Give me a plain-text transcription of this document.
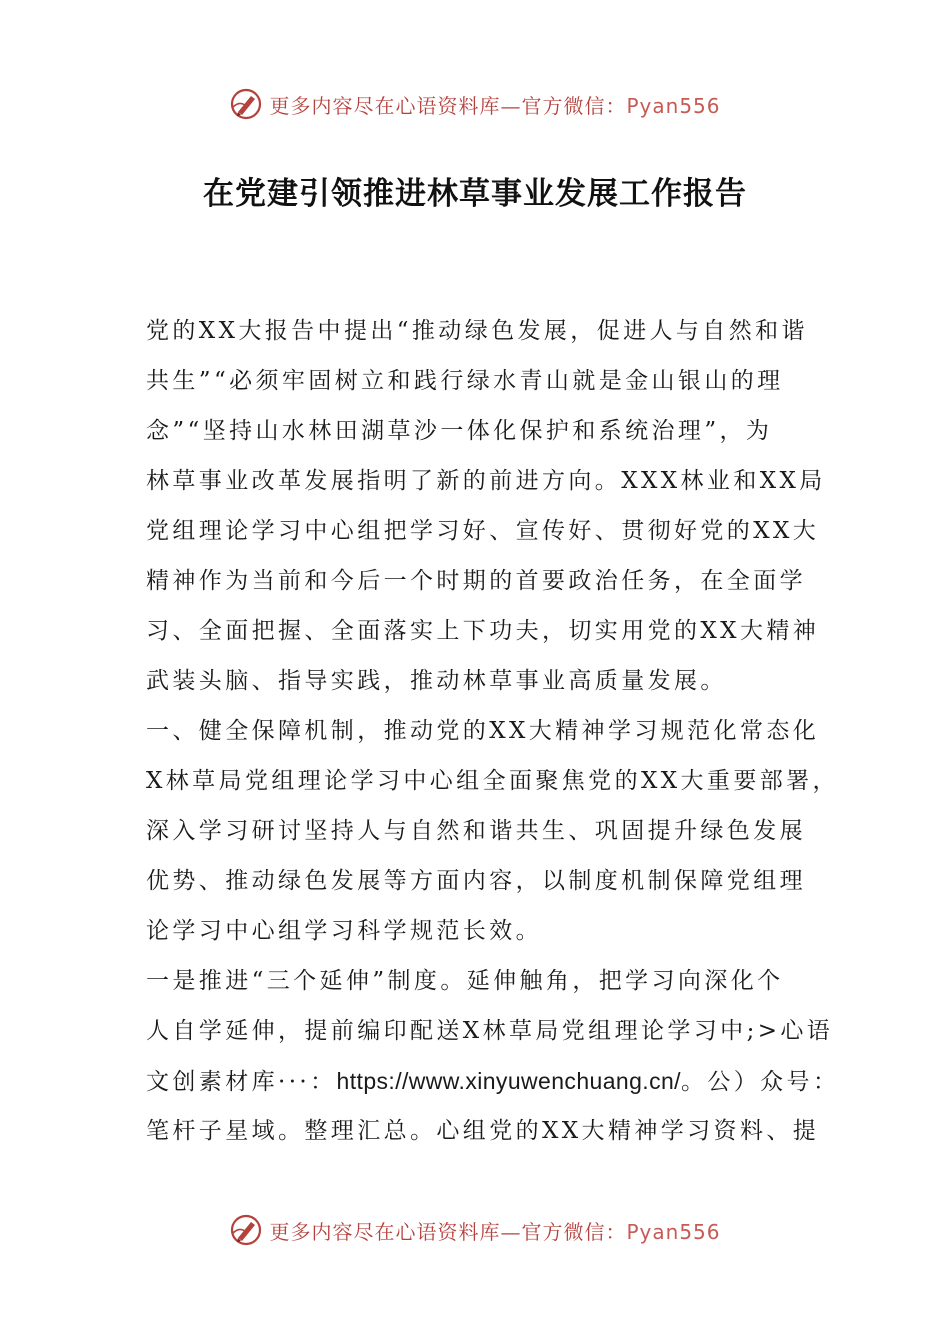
更多内容尽在心语资料库—官方微信：Pyan556
在党建引领推进林草事业发展工作报告
党的XX大报告中提出“推动绿色发展，促进人与自然和谐
共生”“必须牢固树立和践行绿水青山就是金山银山的理
念”“坚持山水林田湖草沙一体化保护和系统治理”，为
林草事业改革发展指明了新的前进方向。XXX林业和XX局
党组理论学习中心组把学习好、宣传好、贯彻好党的XX大
精神作为当前和今后一个时期的首要政治任务，在全面学
习、全面把握、全面落实上下功夫，切实用党的XX大精神
武装头脑、指导实践，推动林草事业高质量发展。
一、健全保障机制，推动党的XX大精神学习规范化常态化
X林草局党组理论学习中心组全面聚焦党的XX大重要部署，
深入学习研讨坚持人与自然和谐共生、巩固提升绿色发展
优势、推动绿色发展等方面内容，以制度机制保障党组理
论学习中心组学习科学规范长效。
一是推进“三个延伸”制度。延伸触角，把学习向深化个
人自学延伸，提前编印配送X林草局党组理论学习中;>心语
文创素材库···：https://www.xinyuwenchuang.cn/。公）众号：
笔杆子星域。整理汇总。心组党的XX大精神学习资料、提
更多内容尽在心语资料库—官方微信：Pyan556
